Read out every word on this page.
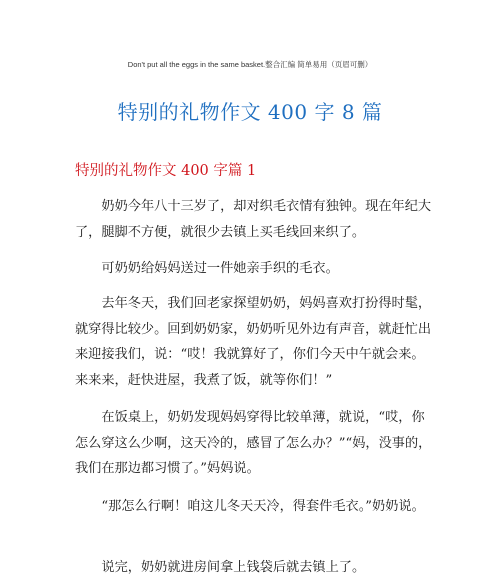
Don't put all the eggs in the same basket.整合汇编 简单易用（页眉可删）
特别的礼物作文 400 字 8 篇
特别的礼物作文 400 字篇 1

奶奶今年八十三岁了，却对织毛衣情有独钟。现在年纪大了，腿脚不方便，就很少去镇上买毛线回来织了。

可奶奶给妈妈送过一件她亲手织的毛衣。

去年冬天，我们回老家探望奶奶，妈妈喜欢打扮得时髦，就穿得比较少。回到奶奶家，奶奶听见外边有声音，就赶忙出来迎接我们，说：“哎！我就算好了，你们今天中午就会来。来来来，赶快进屋，我煮了饭，就等你们！”

在饭桌上，奶奶发现妈妈穿得比较单薄，就说，“哎，你怎么穿这么少啊，这天冷的，感冒了怎么办？”“妈，没事的，我们在那边都习惯了。”妈妈说。

“那怎么行啊！咱这儿冬天天冷，得套件毛衣。”奶奶说。

说完，奶奶就进房间拿上钱袋后就去镇上了。
